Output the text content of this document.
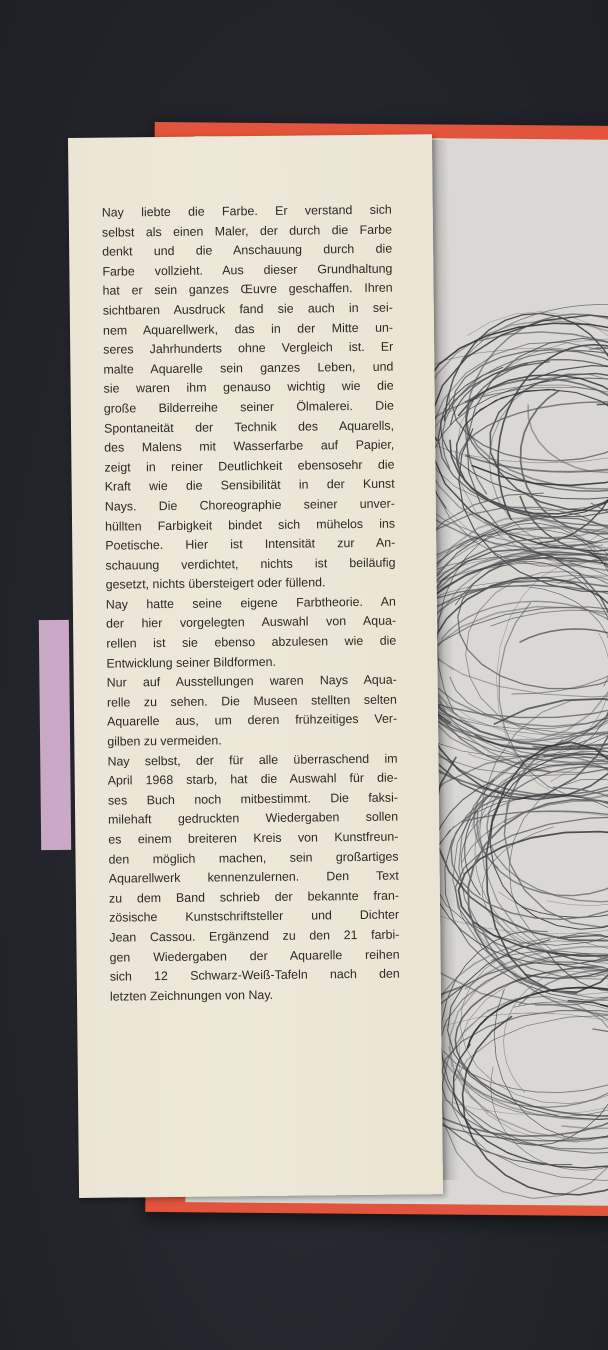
Nay liebte die Farbe. Er verstand sich
selbst als einen Maler, der durch die Farbe
denkt und die Anschauung durch die
Farbe vollzieht. Aus dieser Grundhaltung
hat er sein ganzes Œuvre geschaffen. Ihren
sichtbaren Ausdruck fand sie auch in sei-
nem Aquarellwerk, das in der Mitte un-
seres Jahrhunderts ohne Vergleich ist. Er
malte Aquarelle sein ganzes Leben, und
sie waren ihm genauso wichtig wie die
große Bilderreihe seiner Ölmalerei. Die
Spontaneität der Technik des Aquarells,
des Malens mit Wasserfarbe auf Papier,
zeigt in reiner Deutlichkeit ebensosehr die
Kraft wie die Sensibilität in der Kunst
Nays. Die Choreographie seiner unver-
hüllten Farbigkeit bindet sich mühelos ins
Poetische. Hier ist Intensität zur An-
schauung verdichtet, nichts ist beiläufig
gesetzt, nichts übersteigert oder füllend.
Nay hatte seine eigene Farbtheorie. An
der hier vorgelegten Auswahl von Aqua-
rellen ist sie ebenso abzulesen wie die
Entwicklung seiner Bildformen.
Nur auf Ausstellungen waren Nays Aqua-
relle zu sehen. Die Museen stellten selten
Aquarelle aus, um deren frühzeitiges Ver-
gilben zu vermeiden.
Nay selbst, der für alle überraschend im
April 1968 starb, hat die Auswahl für die-
ses Buch noch mitbestimmt. Die faksi-
milehaft gedruckten Wiedergaben sollen
es einem breiteren Kreis von Kunstfreun-
den möglich machen, sein großartiges
Aquarellwerk kennenzulernen. Den Text
zu dem Band schrieb der bekannte fran-
zösische Kunstschriftsteller und Dichter
Jean Cassou. Ergänzend zu den 21 farbi-
gen Wiedergaben der Aquarelle reihen
sich 12 Schwarz-Weiß-Tafeln nach den
letzten Zeichnungen von Nay.
